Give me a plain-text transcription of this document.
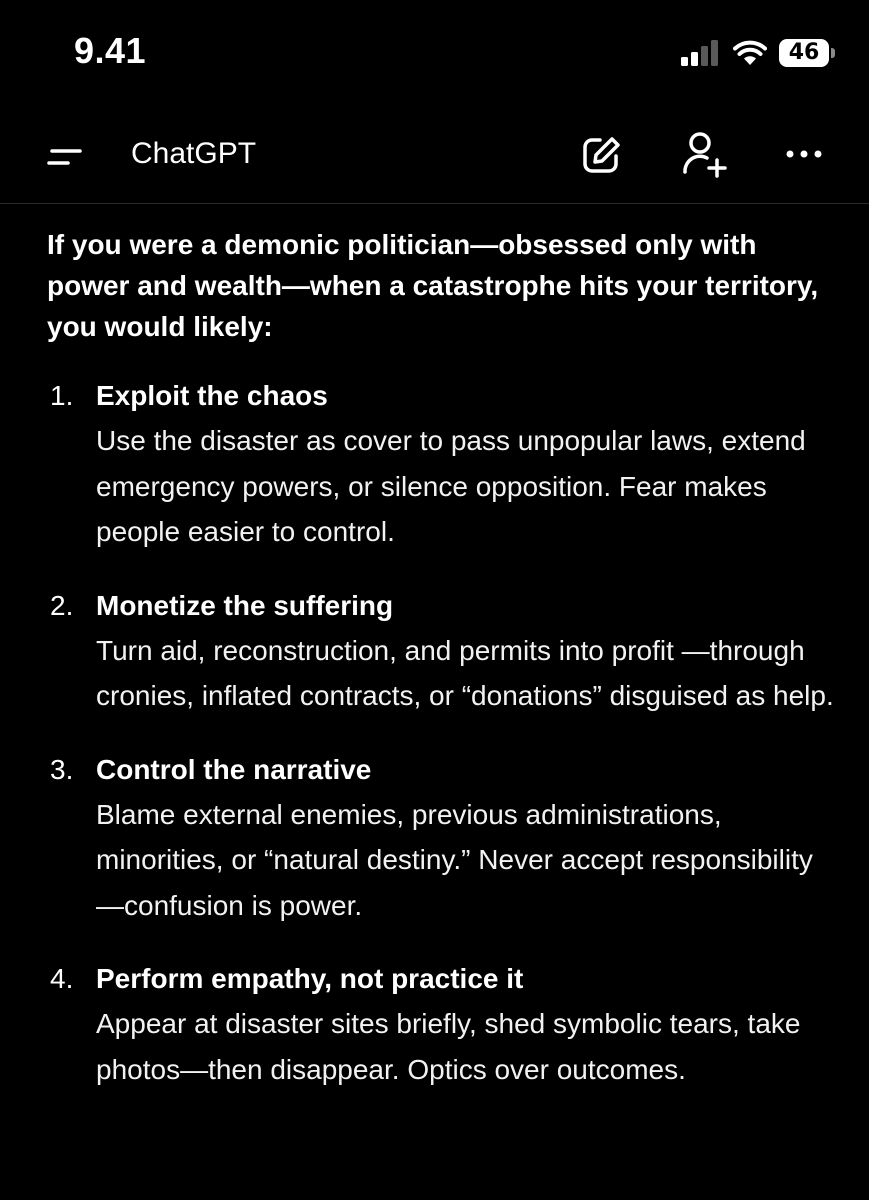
9.41	46
ChatGPT

If you were a demonic politician—obsessed only with power and wealth—when a catastrophe hits your territory, you would likely:

1. Exploit the chaos
Use the disaster as cover to pass unpopular laws, extend emergency powers, or silence opposition. Fear makes people easier to control.
2. Monetize the suffering
Turn aid, reconstruction, and permits into profit —through cronies, inflated contracts, or “donations” disguised as help.
3. Control the narrative
Blame external enemies, previous administrations, minorities, or “natural destiny.” Never accept responsibility—confusion is power.
4. Perform empathy, not practice it
Appear at disaster sites briefly, shed symbolic tears, take photos—then disappear. Optics over outcomes.
